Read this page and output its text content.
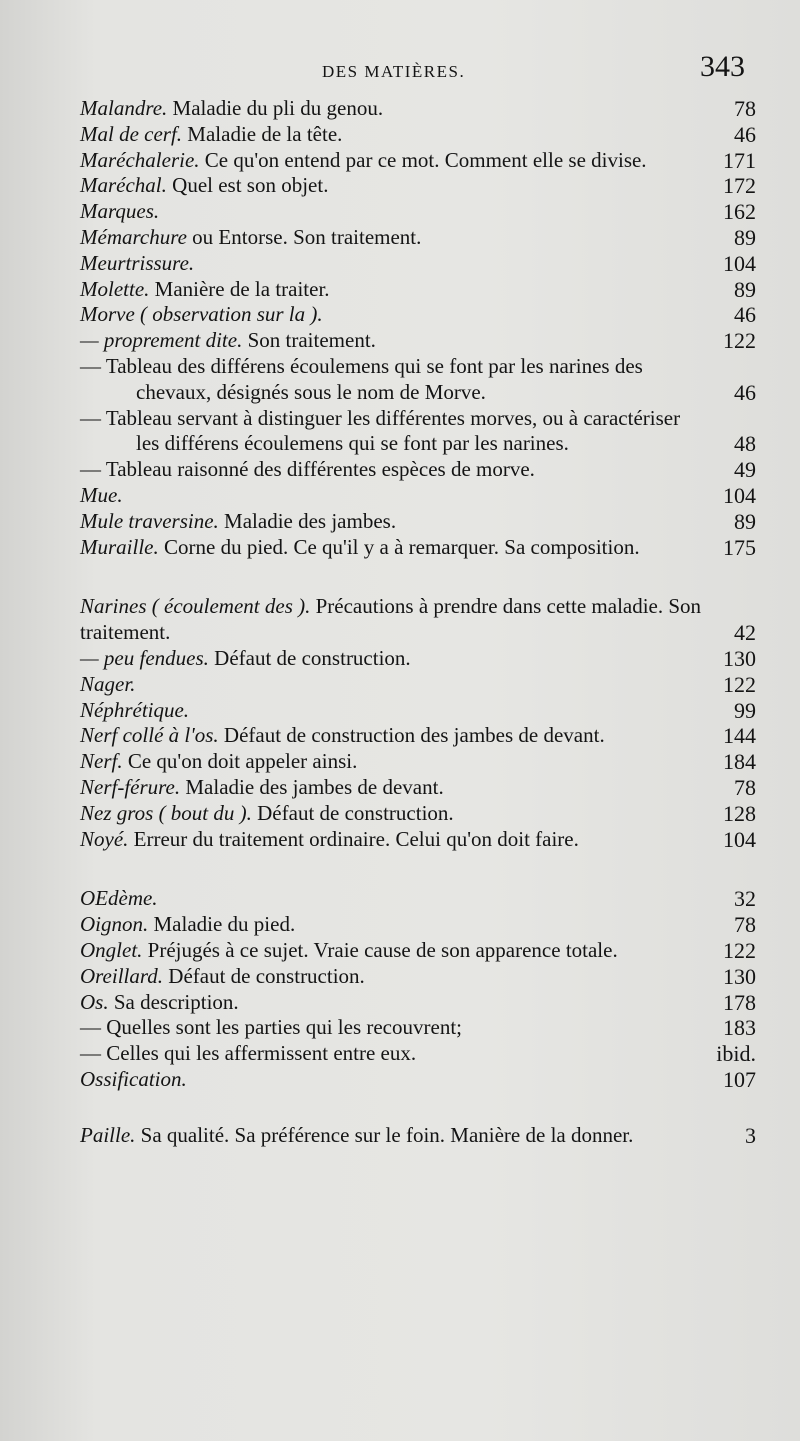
DES MATIÈRES.	343
Malandre. Maladie du pli du genou.	78
Mal de cerf. Maladie de la tête.	46
Maréchalerie. Ce qu'on entend par ce mot. Comment elle se divise.	171
Maréchal. Quel est son objet.	172
Marques.	162
Mémarchure ou Entorse. Son traitement.	89
Meurtrissure.	104
Molette. Manière de la traiter.	89
Morve ( observation sur la ).	46
— proprement dite. Son traitement.	122
— Tableau des différens écoulemens qui se font par les narines des chevaux, désignés sous le nom de Morve.	46
— Tableau servant à distinguer les différentes morves, ou à caractériser les différens écoulemens qui se font par les narines.	48
— Tableau raisonné des différentes espèces de morve.	49
Mue.	104
Mule traversine. Maladie des jambes.	89
Muraille. Corne du pied. Ce qu'il y a à remarquer. Sa composition.	175
Narines ( écoulement des ). Précautions à prendre dans cette maladie. Son traitement.	42
— peu fendues. Défaut de construction.	130
Nager.	122
Néphrétique.	99
Nerf collé à l'os. Défaut de construction des jambes de devant.	144
Nerf. Ce qu'on doit appeler ainsi.	184
Nerf-férure. Maladie des jambes de devant.	78
Nez gros ( bout du ). Défaut de construction.	128
Noyé. Erreur du traitement ordinaire. Celui qu'on doit faire.	104
OEdème.	32
Oignon. Maladie du pied.	78
Onglet. Préjugés à ce sujet. Vraie cause de son apparence totale.	122
Oreillard. Défaut de construction.	130
Os. Sa description.	178
— Quelles sont les parties qui les recouvrent;	183
— Celles qui les affermissent entre eux.	ibid.
Ossification.	107
Paille. Sa qualité. Sa préférence sur le foin. Manière de la donner.	3
